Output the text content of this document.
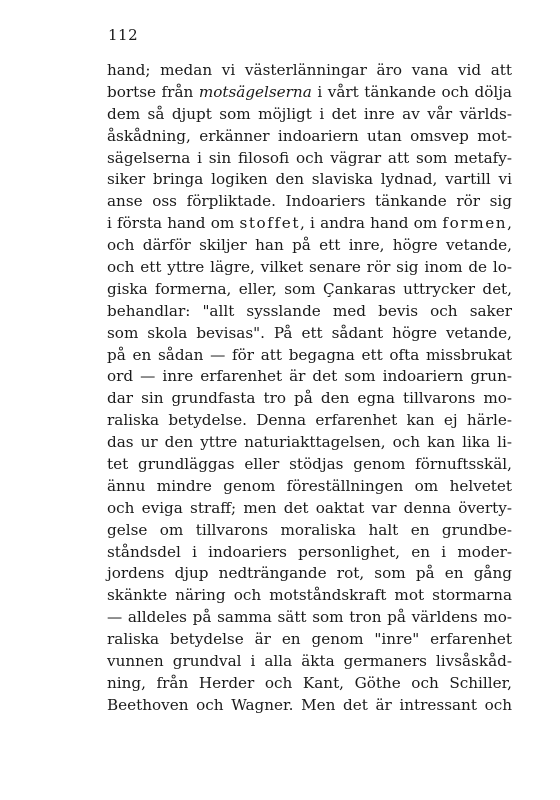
112
hand; medan vi västerlänningar äro vana vid att
bortse från motsägelserna i vårt tänkande och dölja
dem så djupt som möjligt i det inre av vår världs-
åskådning, erkänner indoariern utan omsvep mot-
sägelserna i sin filosofi och vägrar att som metafy-
siker bringa logiken den slaviska lydnad, vartill vi
anse oss förpliktade. Indoariers tänkande rör sig
i första hand om stoffet, i andra hand om formen,
och därför skiljer han på ett inre, högre vetande,
och ett yttre lägre, vilket senare rör sig inom de lo-
giska formerna, eller, som Çankaras uttrycker det,
behandlar: "allt sysslande med bevis och saker
som skola bevisas". På ett sådant högre vetande,
på en sådan — för att begagna ett ofta missbrukat
ord — inre erfarenhet är det som indoariern grun-
dar sin grundfasta tro på den egna tillvarons mo-
raliska betydelse. Denna erfarenhet kan ej härle-
das ur den yttre naturiakttagelsen, och kan lika li-
tet grundläggas eller stödjas genom förnuftsskäl,
ännu mindre genom föreställningen om helvetet
och eviga straff; men det oaktat var denna överty-
gelse om tillvarons moraliska halt en grundbe-
ståndsdel i indoariers personlighet, en i moder-
jordens djup nedträngande rot, som på en gång
skänkte näring och motståndskraft mot stormarna
— alldeles på samma sätt som tron på världens mo-
raliska betydelse är en genom "inre" erfarenhet
vunnen grundval i alla äkta germaners livsåskåd-
ning, från Herder och Kant, Göthe och Schiller,
Beethoven och Wagner. Men det är intressant och
